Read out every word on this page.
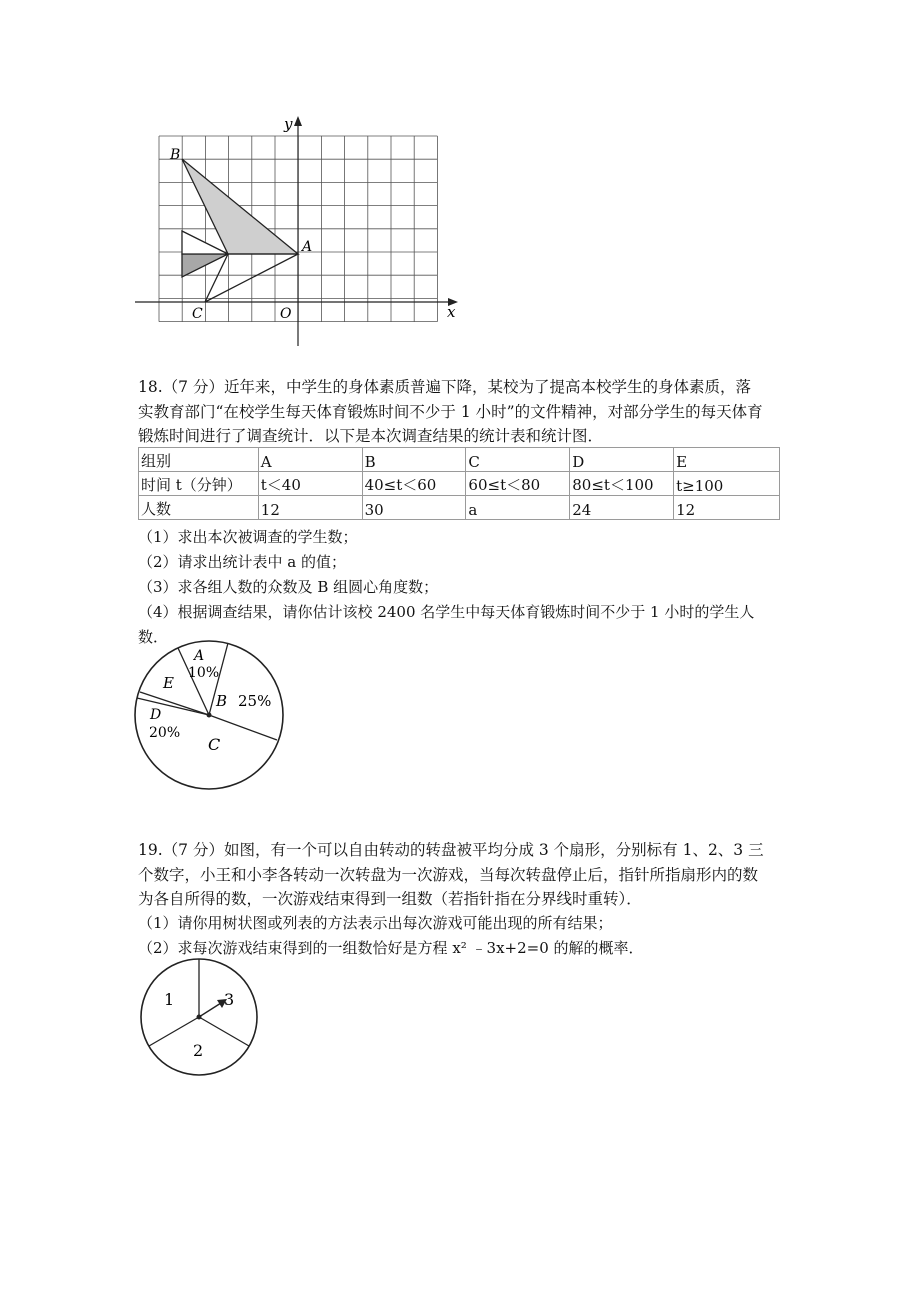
x
y
O
A
B
C
18.（7 分）近年来，中学生的身体素质普遍下降，某校为了提高本校学生的身体素质，落
实教育部门“在校学生每天体育锻炼时间不少于 1 小时”的文件精神，对部分学生的每天体育
锻炼时间进行了调查统计．以下是本次调查结果的统计表和统计图．
组别	A	B	C	D	E
时间 t（分钟）	t＜40	40≤t＜60	60≤t＜80	80≤t＜100	t≥100
人数	12	30	a	24	12
（1）求出本次被调查的学生数；
（2）请求出统计表中 a 的值；
（3）求各组人数的众数及 B 组圆心角度数；
（4）根据调查结果，请你估计该校 2400 名学生中每天体育锻炼时间不少于 1 小时的学生人
数．
A
10%
B 25%
E
D
20%
C
19.（7 分）如图，有一个可以自由转动的转盘被平均分成 3 个扇形，分别标有 1、2、3 三
个数字，小王和小李各转动一次转盘为一次游戏，当每次转盘停止后，指针所指扇形内的数
为各自所得的数，一次游戏结束得到一组数（若指针指在分界线时重转）．
（1）请你用树状图或列表的方法表示出每次游戏可能出现的所有结果；
（2）求每次游戏结束得到的一组数恰好是方程 x² ﹣3x+2=0 的解的概率．
1	3
2
